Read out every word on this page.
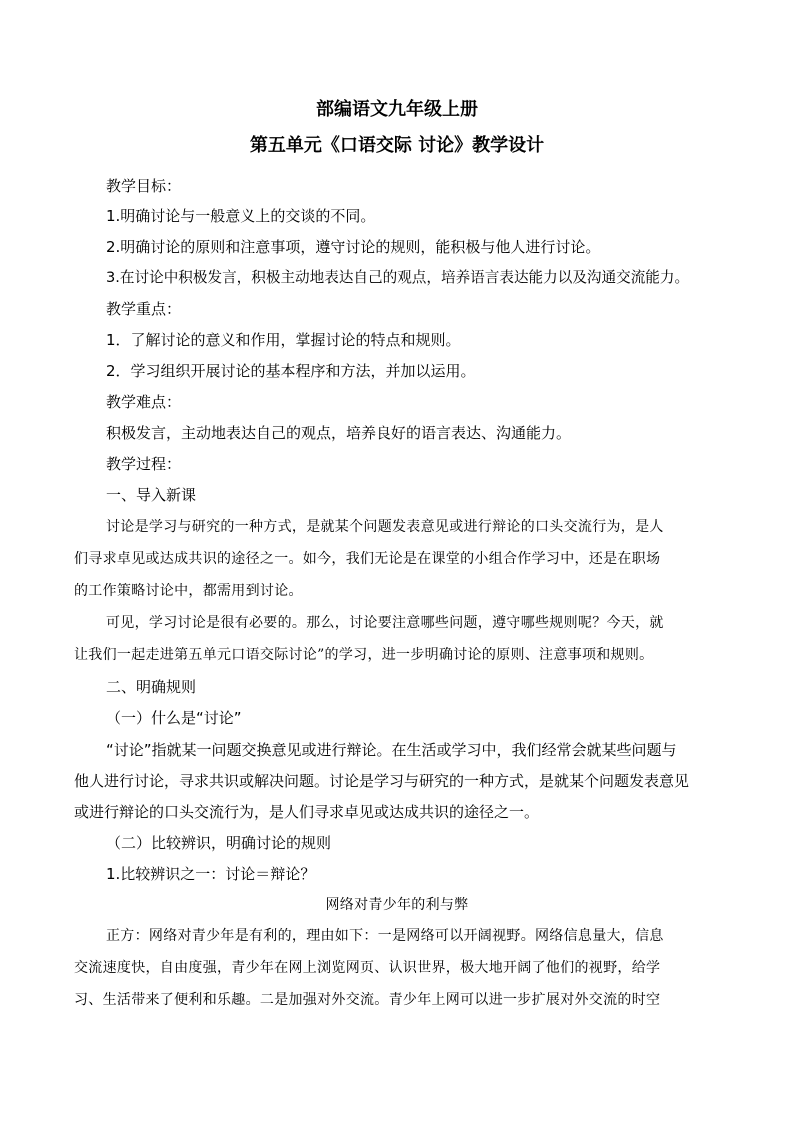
部编语文九年级上册
第五单元《口语交际 讨论》教学设计
教学目标：
1.明确讨论与一般意义上的交谈的不同。
2.明确讨论的原则和注意事项，遵守讨论的规则，能积极与他人进行讨论。
3.在讨论中积极发言，积极主动地表达自己的观点，培养语言表达能力以及沟通交流能力。
教学重点：
1．了解讨论的意义和作用，掌握讨论的特点和规则。
2．学习组织开展讨论的基本程序和方法，并加以运用。
教学难点：
积极发言，主动地表达自己的观点，培养良好的语言表达、沟通能力。
教学过程：
一、导入新课
讨论是学习与研究的一种方式，是就某个问题发表意见或进行辩论的口头交流行为，是人
们寻求卓见或达成共识的途径之一。如今，我们无论是在课堂的小组合作学习中，还是在职场
的工作策略讨论中，都需用到讨论。
可见，学习讨论是很有必要的。那么，讨论要注意哪些问题，遵守哪些规则呢？今天，就
让我们一起走进第五单元口语交际讨论”的学习，进一步明确讨论的原则、注意事项和规则。
二、明确规则
（一）什么是“讨论”
“讨论”指就某一问题交换意见或进行辩论。在生活或学习中，我们经常会就某些问题与
他人进行讨论，寻求共识或解决问题。讨论是学习与研究的一种方式，是就某个问题发表意见
或进行辩论的口头交流行为，是人们寻求卓见或达成共识的途径之一。
（二）比较辨识，明确讨论的规则
1.比较辨识之一：讨论＝辩论？
网络对青少年的利与弊
正方：网络对青少年是有利的，理由如下：一是网络可以开阔视野。网络信息量大，信息
交流速度快，自由度强，青少年在网上浏览网页、认识世界，极大地开阔了他们的视野，给学
习、生活带来了便利和乐趣。二是加强对外交流。青少年上网可以进一步扩展对外交流的时空
